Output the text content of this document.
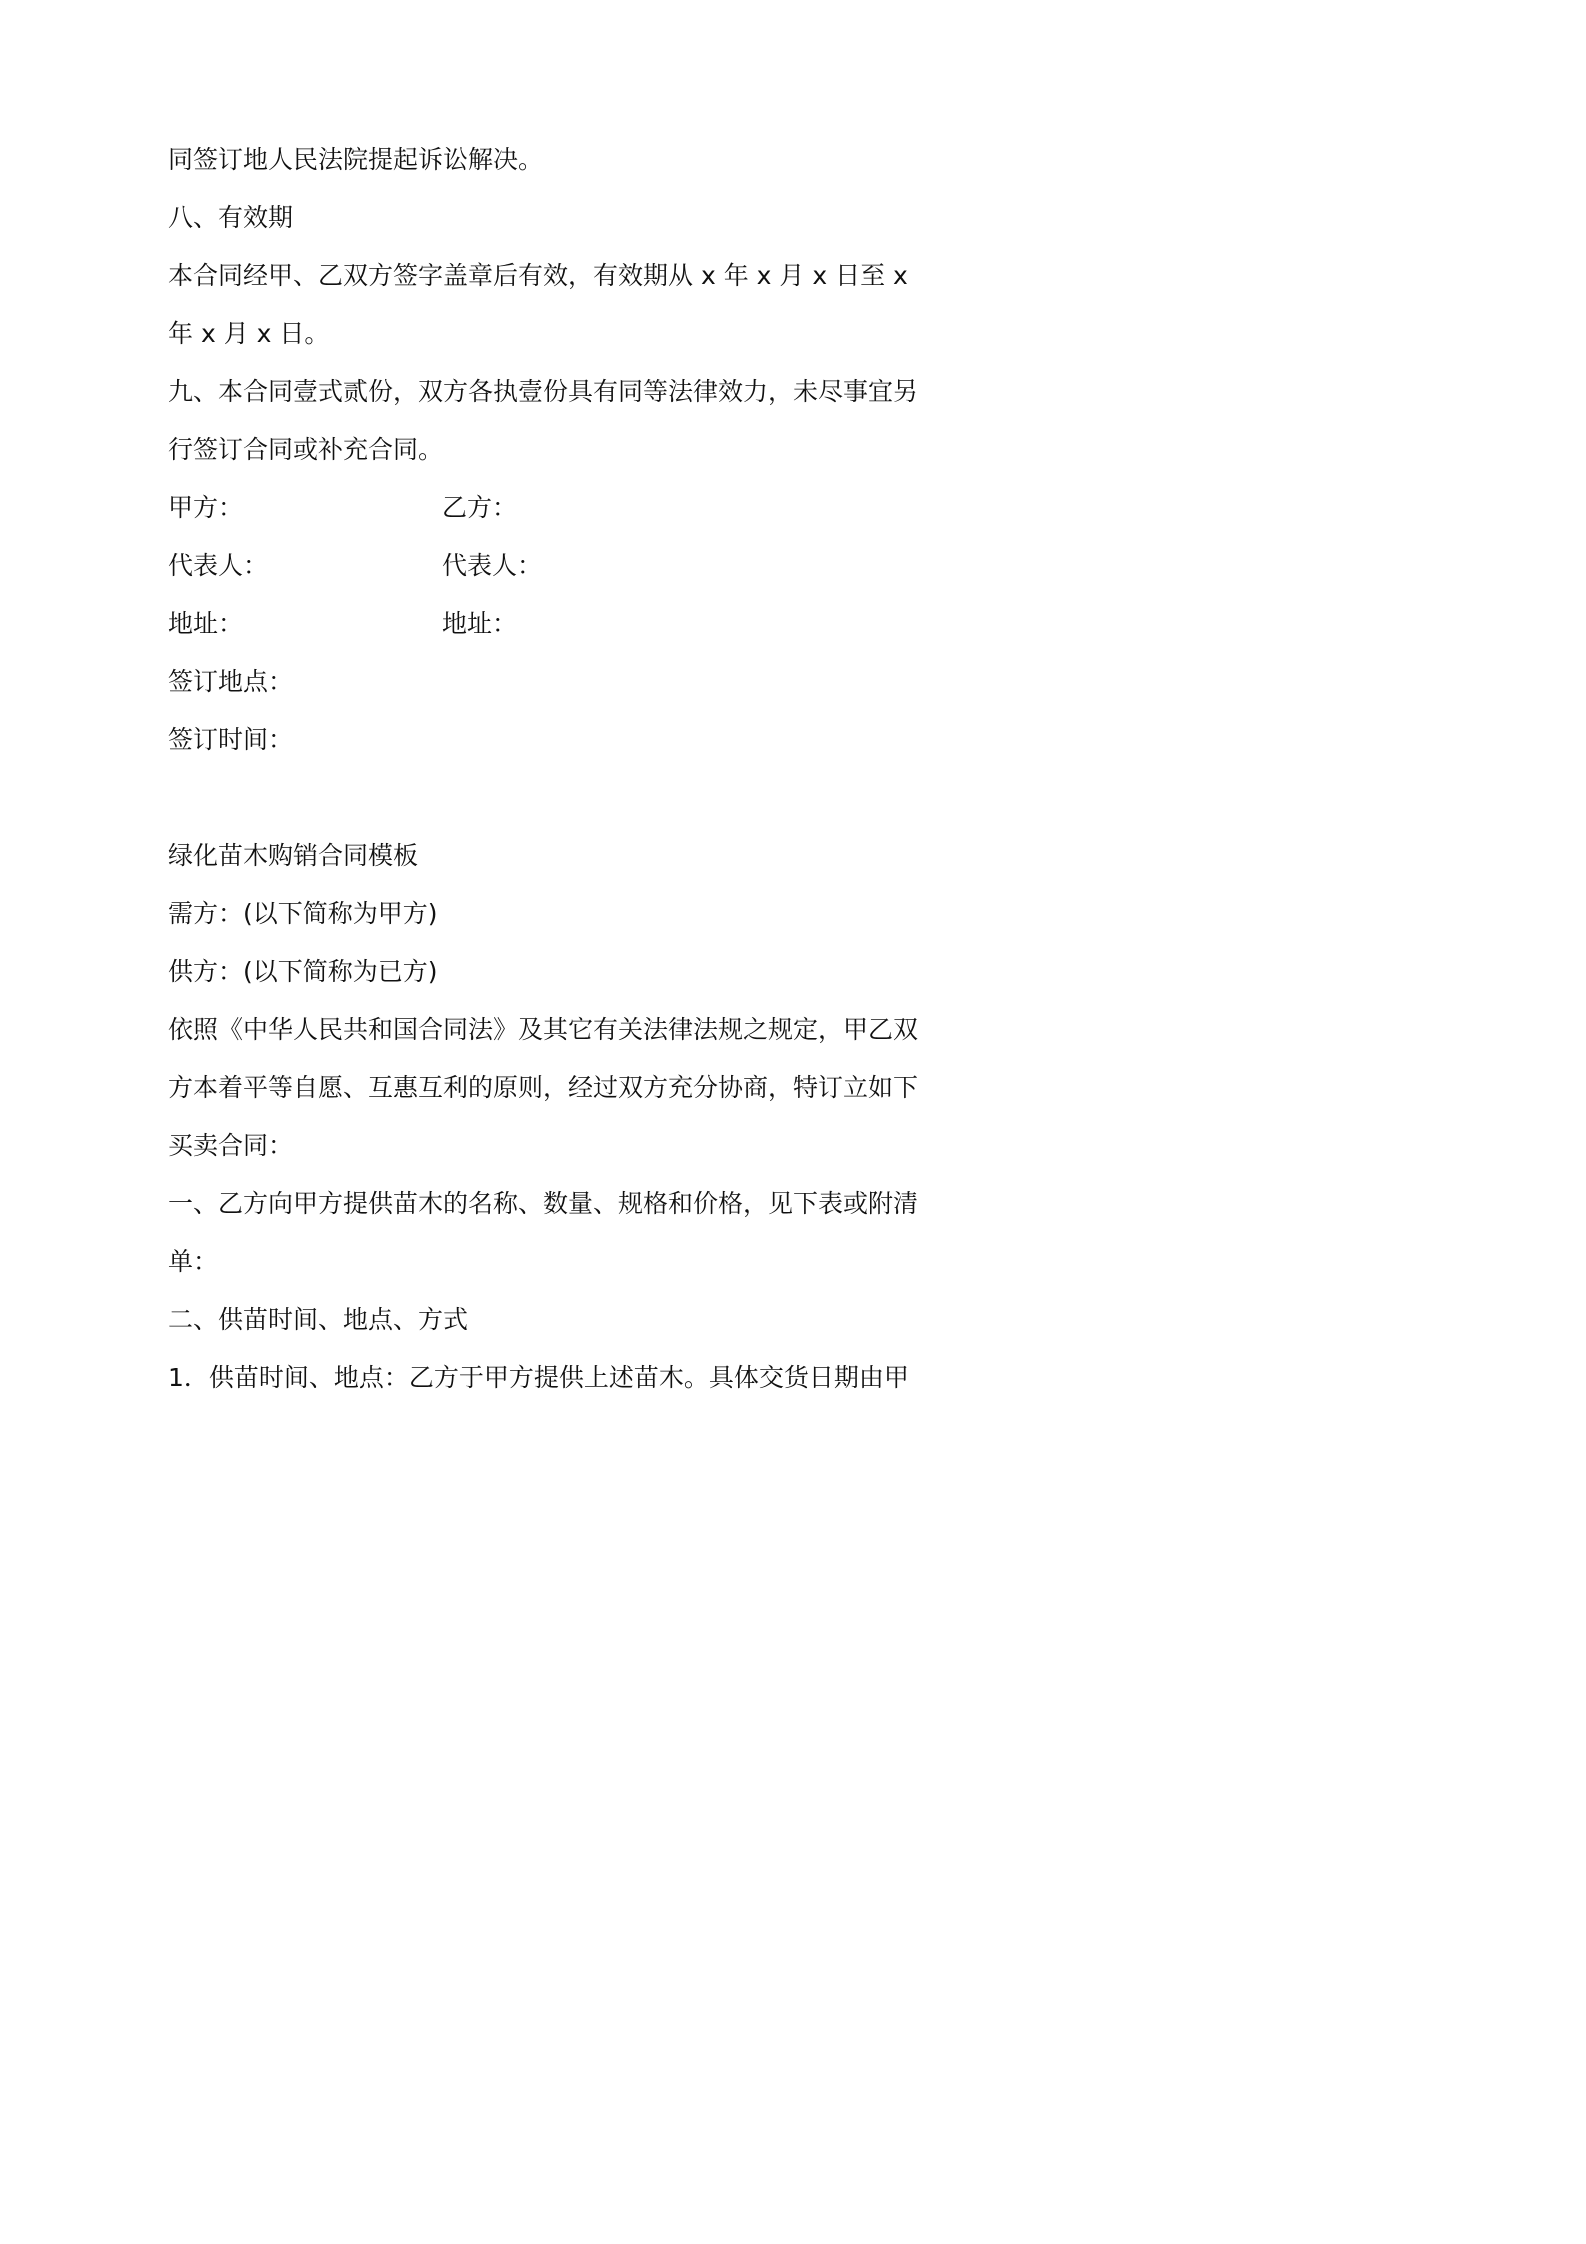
同签订地人民法院提起诉讼解决。
八、有效期
本合同经甲、乙双方签字盖章后有效，有效期从 x 年 x 月 x 日至 x
年 x 月 x 日。
九、本合同壹式贰份，双方各执壹份具有同等法律效力，未尽事宜另
行签订合同或补充合同。
甲方：	乙方：
代表人：	代表人：
地址：	地址：
签订地点：
签订时间：
绿化苗木购销合同模板
需方：(以下简称为甲方)
供方：(以下简称为已方)
依照《中华人民共和国合同法》及其它有关法律法规之规定，甲乙双
方本着平等自愿、互惠互利的原则，经过双方充分协商，特订立如下
买卖合同：
一、乙方向甲方提供苗木的名称、数量、规格和价格，见下表或附清
单：
二、供苗时间、地点、方式
1．供苗时间、地点：乙方于甲方提供上述苗木。具体交货日期由甲
